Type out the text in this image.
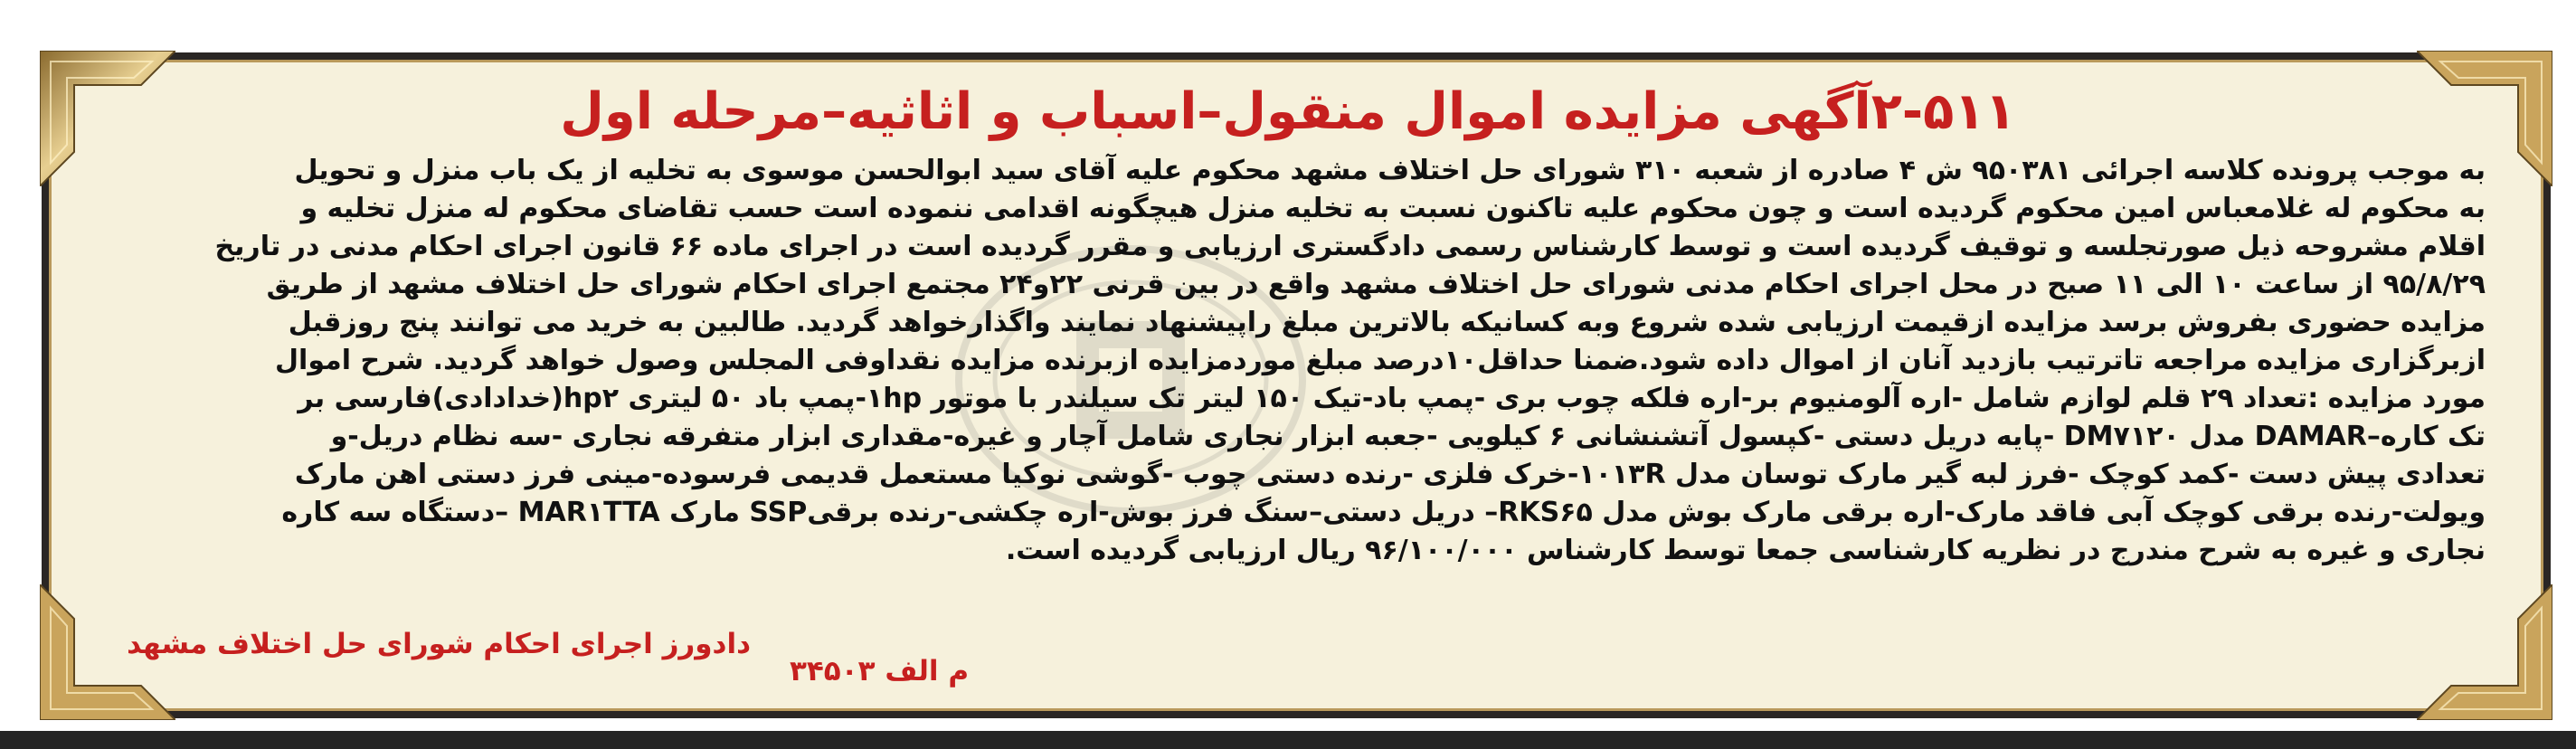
۲-۵۱۱آگهی مزایده اموال منقول–اسباب و اثاثیه–مرحله اول
به موجب پرونده کلاسه اجرائی ۹۵۰۳۸۱ ش ۴ صادره از شعبه ۳۱۰ شورای حل اختلاف مشهد محکوم علیه آقای سید ابوالحسن موسوی به تخلیه از یک باب منزل و تحویل
به محکوم له غلامعباس امین محکوم گردیده است و چون محکوم علیه تاکنون نسبت به تخلیه منزل هیچگونه اقدامی ننموده است حسب تقاضای محکوم له منزل تخلیه و
اقلام مشروحه ذیل صورتجلسه و توقیف گردیده است و توسط کارشناس رسمی دادگستری ارزیابی و مقرر گردیده است در اجرای ماده ۶۶ قانون اجرای احکام مدنی در تاریخ
۹۵/۸/۲۹ از ساعت ۱۰ الی ۱۱ صبح در محل اجرای احکام مدنی شورای حل اختلاف مشهد واقع در بین قرنی ۲۲و۲۴ مجتمع اجرای احکام شورای حل اختلاف مشهد از طریق
مزایده حضوری بفروش برسد مزایده ازقیمت ارزیابی شده شروع وبه کسانیکه بالاترین مبلغ راپیشنهاد نمایند واگذارخواهد گردید. طالبین به خرید می توانند پنج روزقبل
ازبرگزاری مزایده مراجعه تاترتیب بازدید آنان از اموال داده شود.ضمنا حداقل۱۰درصد مبلغ موردمزایده ازبرنده مزایده نقداوفی المجلس وصول خواهد گردید. شرح اموال
مورد مزایده :تعداد ۲۹ قلم لوازم شامل -اره آلومنیوم بر-اره فلکه چوب بری -پمپ باد-تیک ۱۵۰ لیتر تک سیلندر با موتور ۱hp-پمپ باد ۵۰ لیتری hp۲(خدادادی)فارسی بر
تک کاره–DAMAR مدل DM۷۱۲۰ -پایه دریل دستی -کپسول آتشنشانی ۶ کیلویی -جعبه ابزار نجاری شامل آچار و غیره-مقداری ابزار متفرقه نجاری -سه نظام دریل-و
تعدادی پیش دست -کمد کوچک -فرز لبه گیر مارک توسان مدل ۱۰۱۳R-خرک فلزی -رنده دستی چوب -گوشی نوکیا مستعمل قدیمی فرسوده-مینی فرز دستی اهن مارک
ویولت-رنده برقی کوچک آبی فاقد مارک-اره برقی مارک بوش مدل RKS۶۵– دریل دستی–سنگ فرز بوش-اره چکشی-رنده برقیSSP مارک MAR۱TTA –دستگاه سه کاره
نجاری و غیره به شرح مندرج در نظریه کارشناسی جمعا توسط کارشناس ۹۶/۱۰۰/۰۰۰ ریال ارزیابی گردیده است.
دادورز اجرای احکام شورای حل اختلاف مشهد
م الف ۳۴۵۰۳
